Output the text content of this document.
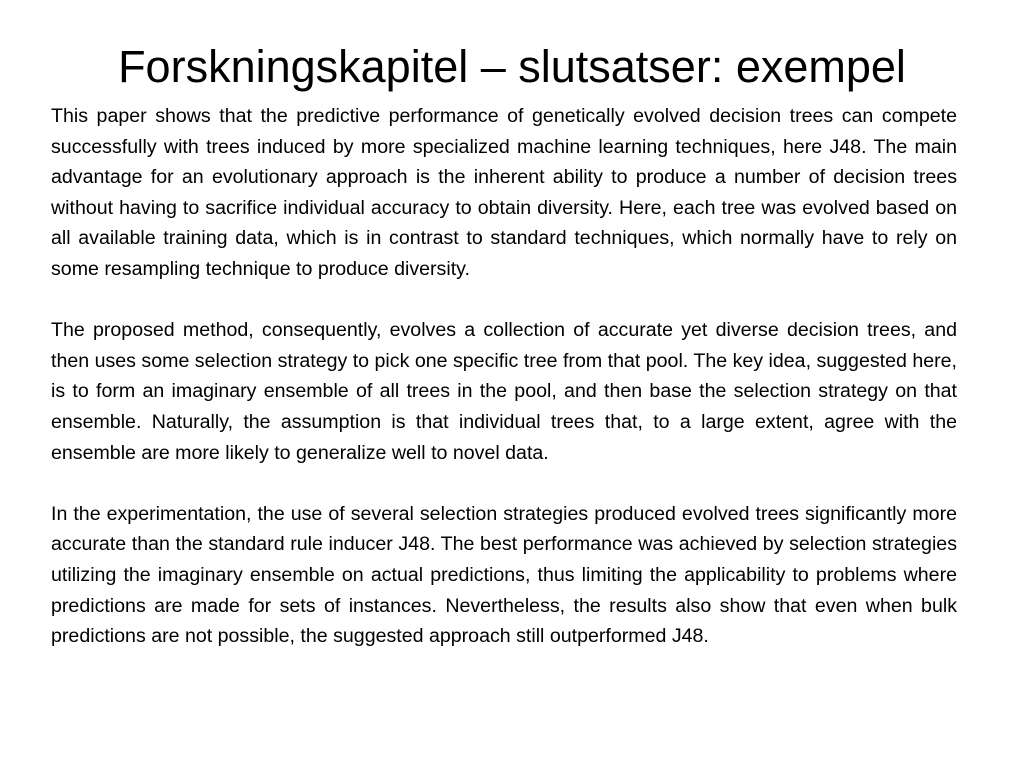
Forskningskapitel – slutsatser: exempel

This paper shows that the predictive performance of genetically evolved decision trees can compete successfully with trees induced by more specialized machine learning techniques, here J48. The main advantage for an evolutionary approach is the inherent ability to produce a number of decision trees without having to sacrifice individual accuracy to obtain diversity. Here, each tree was evolved based on all available training data, which is in contrast to standard techniques, which normally have to rely on some resampling technique to produce diversity.

The proposed method, consequently, evolves a collection of accurate yet diverse decision trees, and then uses some selection strategy to pick one specific tree from that pool. The key idea, suggested here, is to form an imaginary ensemble of all trees in the pool, and then base the selection strategy on that ensemble. Naturally, the assumption is that individual trees that, to a large extent, agree with the ensemble are more likely to generalize well to novel data.

In the experimentation, the use of several selection strategies produced evolved trees significantly more accurate than the standard rule inducer J48. The best performance was achieved by selection strategies utilizing the imaginary ensemble on actual predictions, thus limiting the applicability to problems where predictions are made for sets of instances. Nevertheless, the results also show that even when bulk predictions are not possible, the suggested approach still outperformed J48.
